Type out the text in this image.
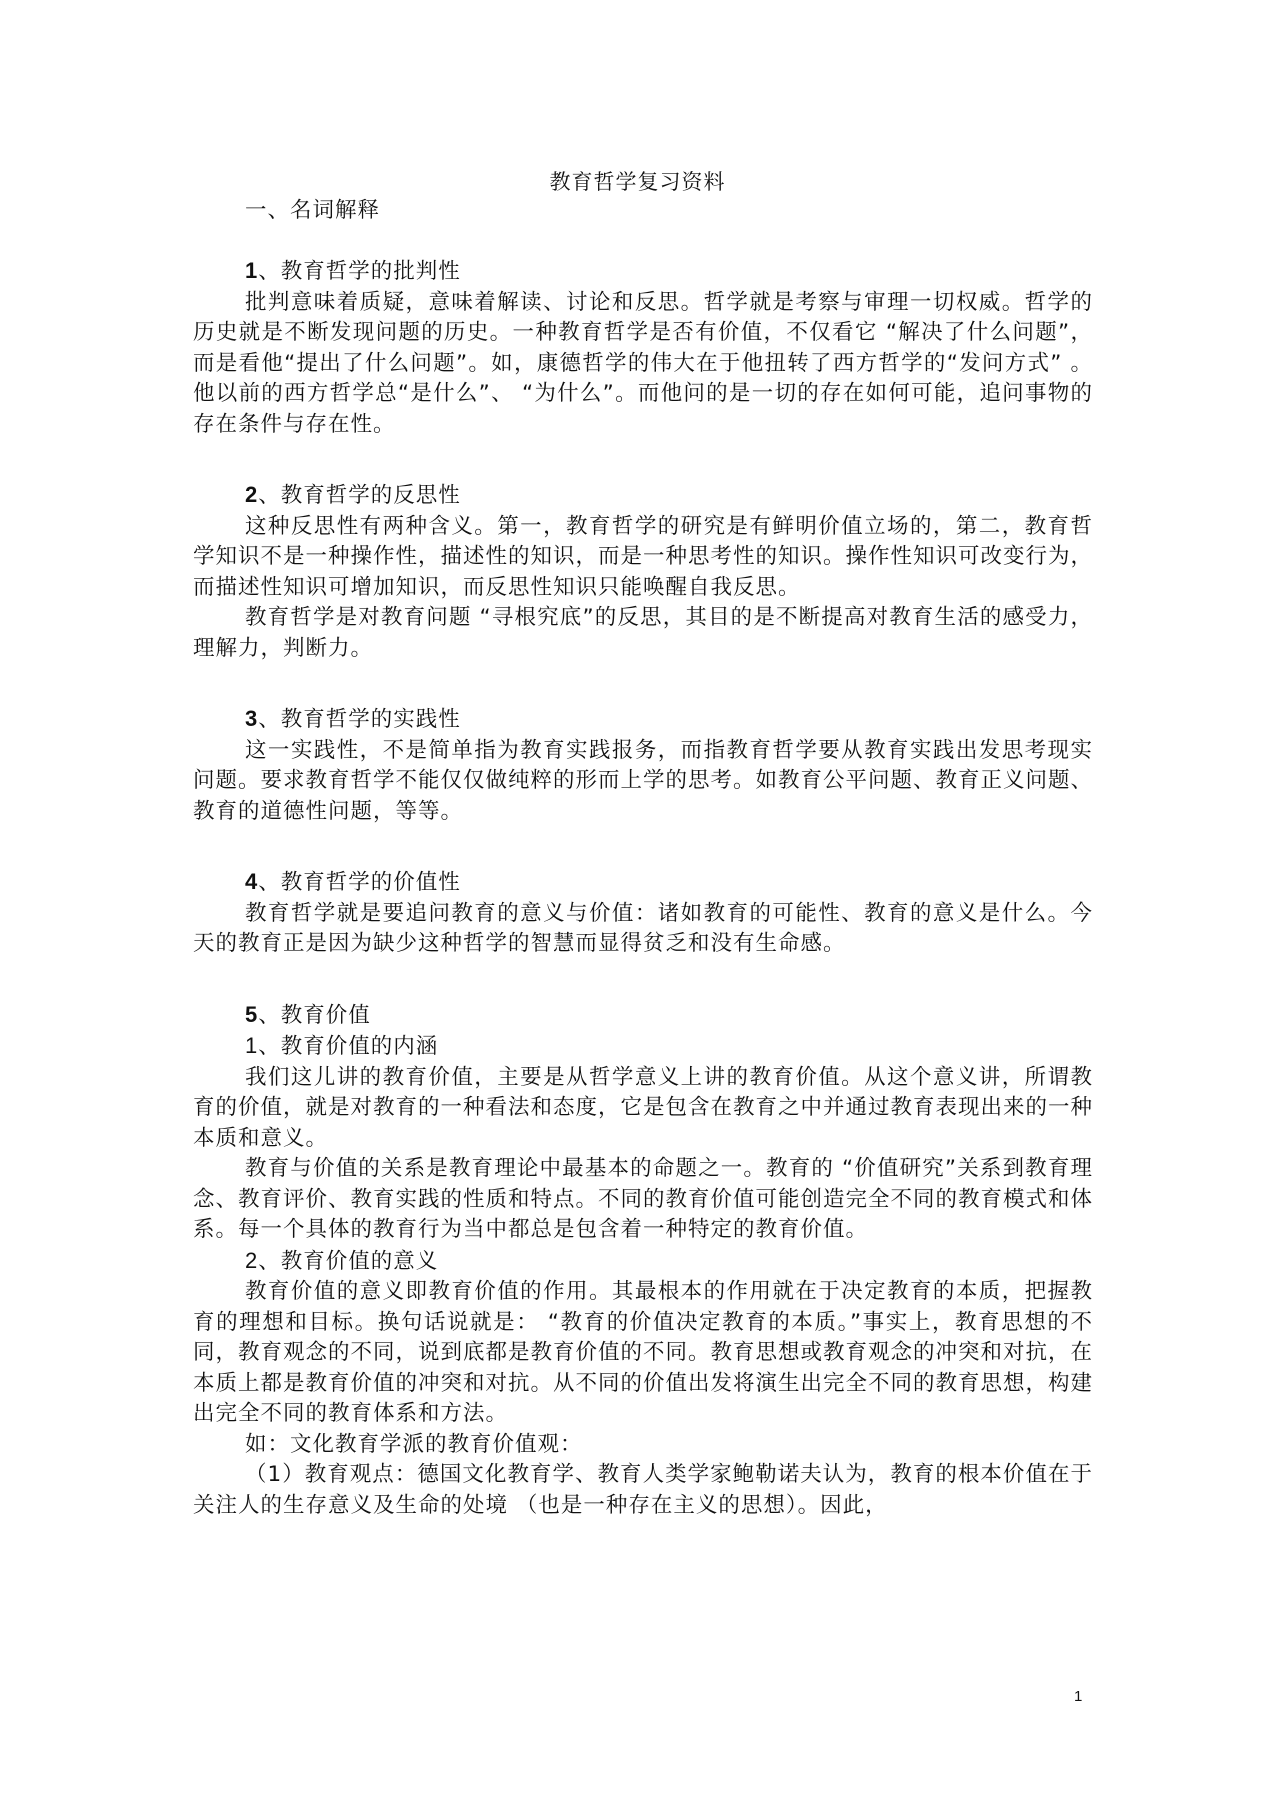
教育哲学复习资料

一、名词解释

1、教育哲学的批判性

批判意味着质疑，意味着解读、讨论和反思。哲学就是考察与审理一切权威。哲学的历史就是不断发现问题的历史。一种教育哲学是否有价值，不仅看它 “解决了什么问题”，而是看他“提出了什么问题”。如，康德哲学的伟大在于他扭转了西方哲学的“发问方式” 。他以前的西方哲学总“是什么”、 “为什么”。而他问的是一切的存在如何可能，追问事物的存在条件与存在性。

2、教育哲学的反思性

这种反思性有两种含义。第一，教育哲学的研究是有鲜明价值立场的，第二，教育哲学知识不是一种操作性，描述性的知识，而是一种思考性的知识。操作性知识可改变行为，而描述性知识可增加知识，而反思性知识只能唤醒自我反思。

教育哲学是对教育问题 “寻根究底”的反思，其目的是不断提高对教育生活的感受力，理解力，判断力。

3、教育哲学的实践性

这一实践性，不是简单指为教育实践报务，而指教育哲学要从教育实践出发思考现实问题。要求教育哲学不能仅仅做纯粹的形而上学的思考。如教育公平问题、教育正义问题、教育的道德性问题，等等。

4、教育哲学的价值性

教育哲学就是要追问教育的意义与价值：诸如教育的可能性、教育的意义是什么。今天的教育正是因为缺少这种哲学的智慧而显得贫乏和没有生命感。

5、教育价值

1、教育价值的内涵

我们这儿讲的教育价值，主要是从哲学意义上讲的教育价值。从这个意义讲，所谓教育的价值，就是对教育的一种看法和态度，它是包含在教育之中并通过教育表现出来的一种本质和意义。

教育与价值的关系是教育理论中最基本的命题之一。教育的 “价值研究”关系到教育理念、教育评价、教育实践的性质和特点。不同的教育价值可能创造完全不同的教育模式和体系。每一个具体的教育行为当中都总是包含着一种特定的教育价值。

2、教育价值的意义

教育价值的意义即教育价值的作用。其最根本的作用就在于决定教育的本质，把握教育的理想和目标。换句话说就是： “教育的价值决定教育的本质。”事实上，教育思想的不同，教育观念的不同，说到底都是教育价值的不同。教育思想或教育观念的冲突和对抗，在本质上都是教育价值的冲突和对抗。从不同的价值出发将演生出完全不同的教育思想，构建出完全不同的教育体系和方法。

如：文化教育学派的教育价值观：

（1）教育观点：德国文化教育学、教育人类学家鲍勒诺夫认为，教育的根本价值在于关注人的生存意义及生命的处境 （也是一种存在主义的思想）。因此，

1
